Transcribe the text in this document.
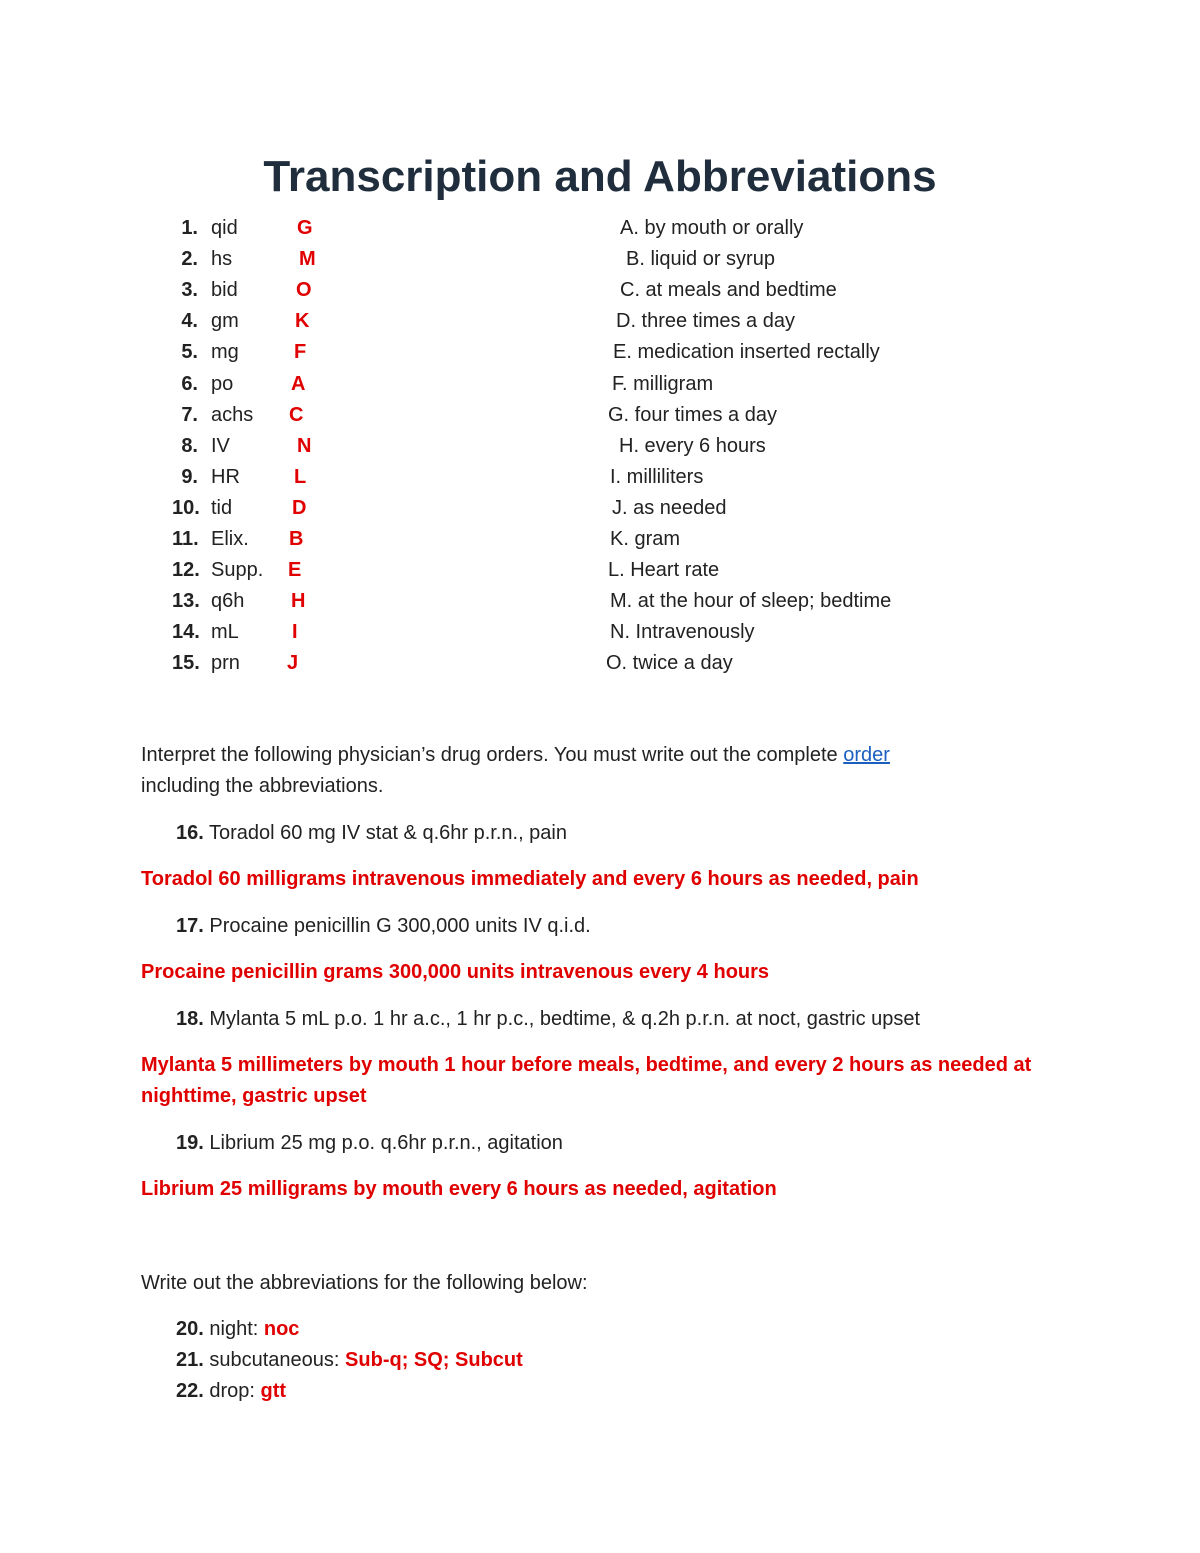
Transcription and Abbreviations
1. qid	G	A. by mouth or orally
2. hs	M	B. liquid or syrup
3. bid	O	C. at meals and bedtime
4. gm	K	D. three times a day
5. mg	F	E. medication inserted rectally
6. po	A	F. milligram
7. achs C	G. four times a day
8. IV	N	H. every 6 hours
9. HR	L	I. milliliters
10. tid	D	J. as needed
11. Elix. B	K. gram
12. Supp. E	L. Heart rate
13. q6h H	M. at the hour of sleep; bedtime
14. mL	I	N. Intravenously
15. prn J	O. twice a day
Interpret the following physician’s drug orders. You must write out the complete order
including the abbreviations.
16. Toradol 60 mg IV stat & q.6hr p.r.n., pain
Toradol 60 milligrams intravenous immediately and every 6 hours as needed, pain
17. Procaine penicillin G 300,000 units IV q.i.d.
Procaine penicillin grams 300,000 units intravenous every 4 hours
18. Mylanta 5 mL p.o. 1 hr a.c., 1 hr p.c., bedtime, & q.2h p.r.n. at noct, gastric upset
Mylanta 5 millimeters by mouth 1 hour before meals, bedtime, and every 2 hours as needed at nighttime, gastric upset
19. Librium 25 mg p.o. q.6hr p.r.n., agitation
Librium 25 milligrams by mouth every 6 hours as needed, agitation
Write out the abbreviations for the following below:
20. night: noc
21. subcutaneous: Sub-q; SQ; Subcut
22. drop: gtt
